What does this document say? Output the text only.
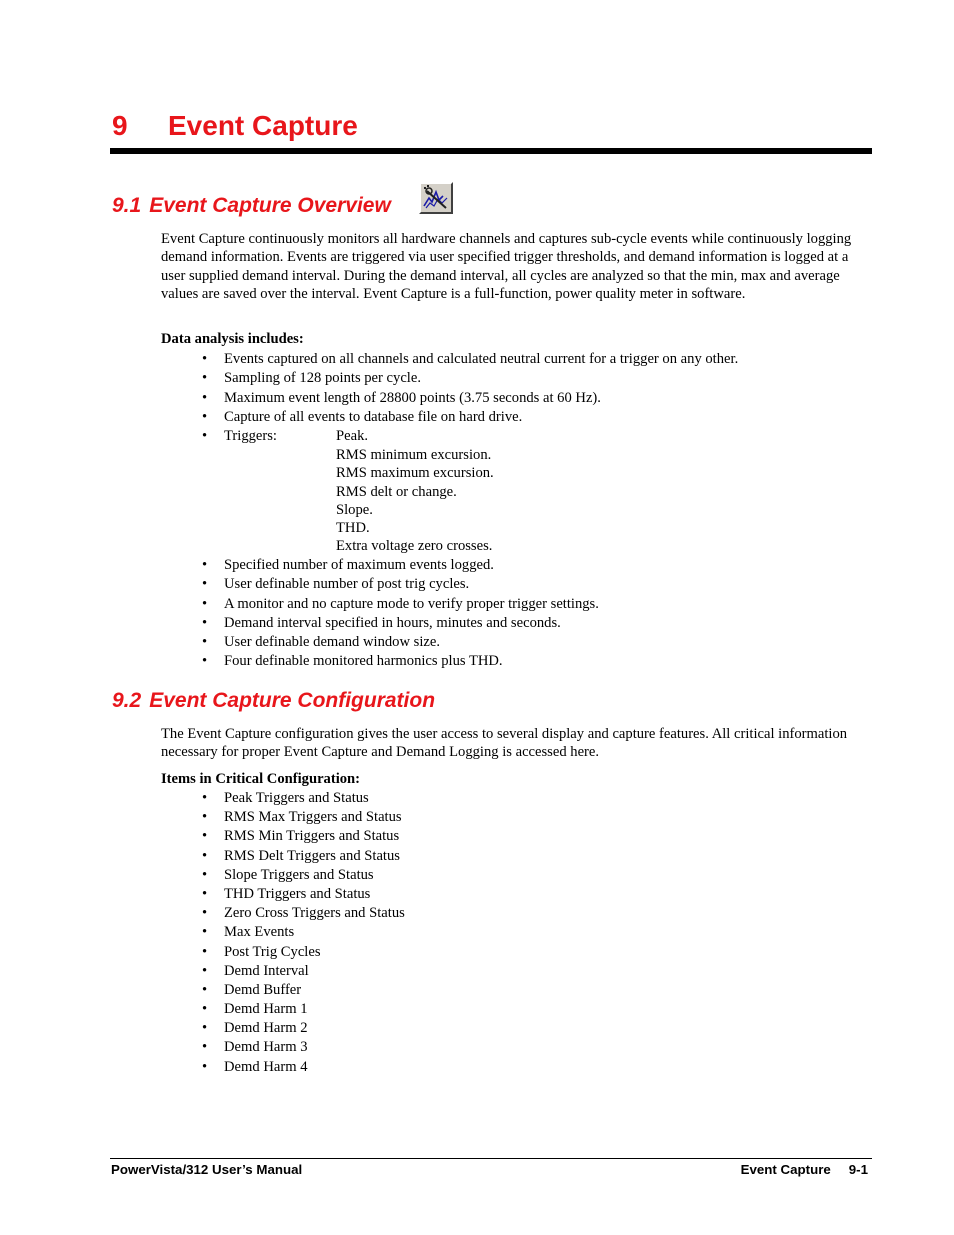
9 Event Capture
9.1 Event Capture Overview

Event Capture continuously monitors all hardware channels and captures sub-cycle events while continuously logging demand information. Events are triggered via user specified trigger thresholds, and demand information is logged at a user supplied demand interval. During the demand interval, all cycles are analyzed so that the min, max and average values are saved over the interval. Event Capture is a full-function, power quality meter in software.

Data analysis includes:

• Events captured on all channels and calculated neutral current for a trigger on any other.
• Sampling of 128 points per cycle.
• Maximum event length of 28800 points (3.75 seconds at 60 Hz).
• Capture of all events to database file on hard drive.
• Triggers:	Peak.
RMS minimum excursion.
RMS maximum excursion.
RMS delt or change.
Slope.
THD.
Extra voltage zero crosses.
• Specified number of maximum events logged.
• User definable number of post trig cycles.
• A monitor and no capture mode to verify proper trigger settings.
• Demand interval specified in hours, minutes and seconds.
• User definable demand window size.
• Four definable monitored harmonics plus THD.
9.2 Event Capture Configuration

The Event Capture configuration gives the user access to several display and capture features. All critical information necessary for proper Event Capture and Demand Logging is accessed here.

Items in Critical Configuration:

• Peak Triggers and Status
• RMS Max Triggers and Status
• RMS Min Triggers and Status
• RMS Delt Triggers and Status
• Slope Triggers and Status
• THD Triggers and Status
• Zero Cross Triggers and Status
• Max Events
• Post Trig Cycles
• Demd Interval
• Demd Buffer
• Demd Harm 1
• Demd Harm 2
• Demd Harm 3
• Demd Harm 4
PowerVista/312 User’s Manual	Event Capture 9-1
